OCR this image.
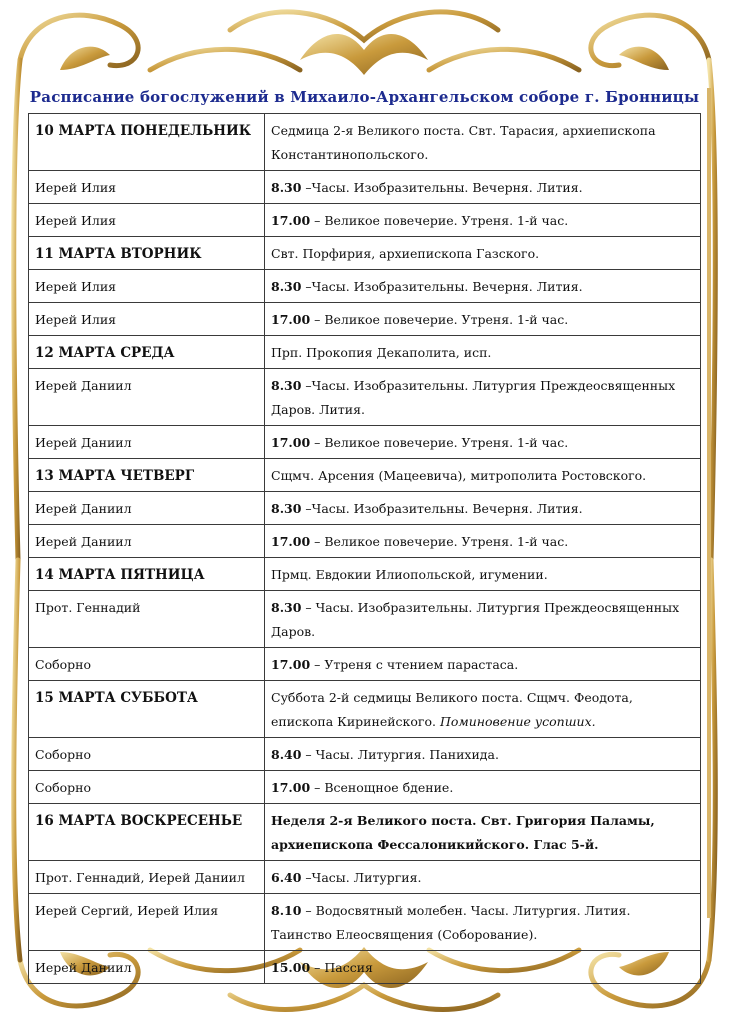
Расписание богослужений в Михаило-Архангельском соборе г. Бронницы
10 МАРТА ПОНЕДЕЛЬНИК	Седмица 2-я Великого поста. Свт. Тарасия, архиепископа Константинопольского.
Иерей Илия	8.30 –Часы. Изобразительны. Вечерня. Лития.
Иерей Илия	17.00 – Великое повечерие. Утреня. 1-й час.
11 МАРТА ВТОРНИК	Свт. Порфирия, архиепископа Газского.
Иерей Илия	8.30 –Часы. Изобразительны. Вечерня. Лития.
Иерей Илия	17.00 – Великое повечерие. Утреня. 1-й час.
12 МАРТА СРЕДА	Прп. Прокопия Декаполита, исп.
Иерей Даниил	8.30 –Часы. Изобразительны. Литургия Преждеосвященных Даров. Лития.
Иерей Даниил	17.00 – Великое повечерие. Утреня. 1-й час.
13 МАРТА ЧЕТВЕРГ	Сщмч. Арсения (Мацеевича), митрополита Ростовского.
Иерей Даниил	8.30 –Часы. Изобразительны. Вечерня. Лития.
Иерей Даниил	17.00 – Великое повечерие. Утреня. 1-й час.
14 МАРТА ПЯТНИЦА	Прмц. Евдокии Илиопольской, игумении.
Прот. Геннадий	8.30 – Часы. Изобразительны. Литургия Преждеосвященных Даров.
Соборно	17.00 – Утреня с чтением парастаса.
15 МАРТА СУББОТА	Суббота 2-й седмицы Великого поста. Сщмч. Феодота, епископа Киринейского. Поминовение усопших.
Соборно	8.40 – Часы. Литургия. Панихида.
Соборно	17.00 – Всенощное бдение.
16 МАРТА ВОСКРЕСЕНЬЕ	Неделя 2-я Великого поста. Свт. Григория Паламы, архиепископа Фессалоникийского. Глас 5-й.
Прот. Геннадий, Иерей Даниил	6.40 –Часы. Литургия.
Иерей Сергий, Иерей Илия	8.10 – Водосвятный молебен. Часы. Литургия. Лития. Таинство Елеосвящения (Соборование).
Иерей Даниил	15.00 – Пассия
